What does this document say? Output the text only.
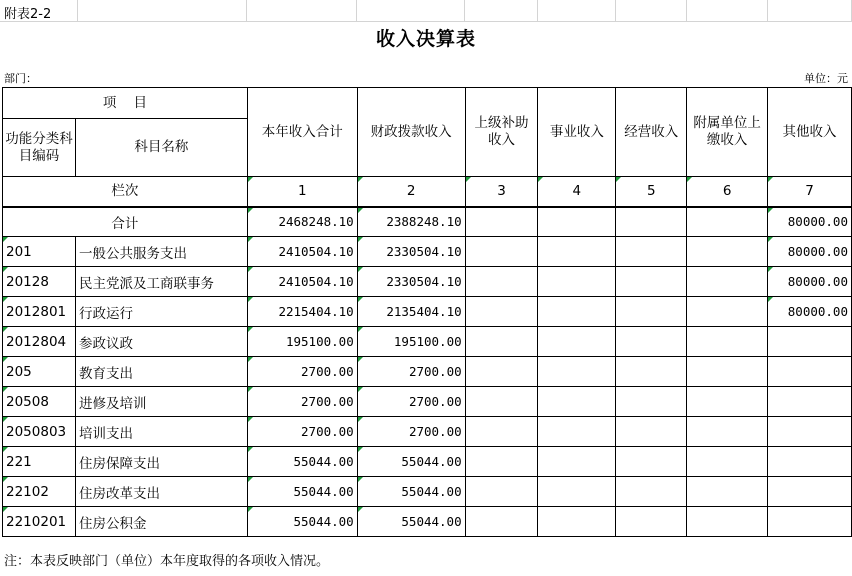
附表2-2
收入决算表
部门：	单位：元
项    目		本年收入合计	财政拨款收入	上级补助收入	事业收入	经营收入	附属单位上缴收入	其他收入
功能分类科目编码	科目名称							
栏次		1	2	3	4	5	6	7
合计		2468248.10	2388248.10					80000.00
201	一般公共服务支出	2410504.10	2330504.10					80000.00
20128	民主党派及工商联事务	2410504.10	2330504.10					80000.00
2012801	行政运行	2215404.10	2135404.10					80000.00
2012804	参政议政	195100.00	195100.00					
205	教育支出	2700.00	2700.00					
20508	进修及培训	2700.00	2700.00					
2050803	培训支出	2700.00	2700.00					
221	住房保障支出	55044.00	55044.00					
22102	住房改革支出	55044.00	55044.00					
2210201	住房公积金	55044.00	55044.00					
注：本表反映部门（单位）本年度取得的各项收入情况。
